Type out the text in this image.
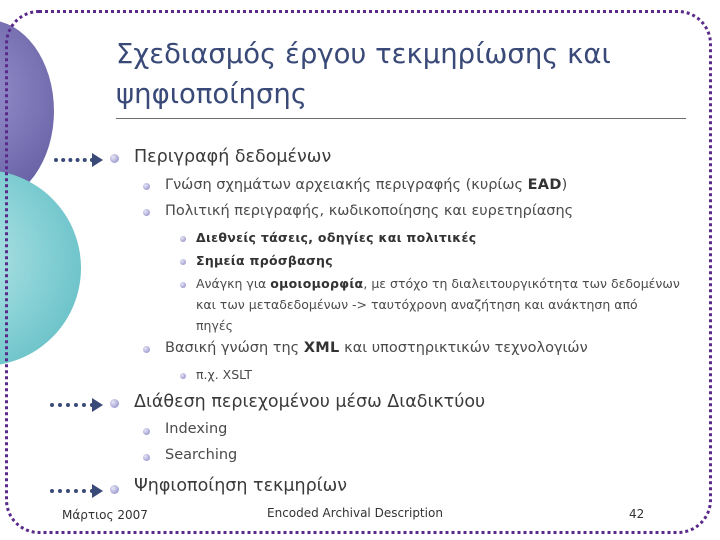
Σχεδιασμός έργου τεκμηρίωσης και
ψηφιοποίησης
Περιγραφή δεδομένων
Γνώση σχημάτων αρχειακής περιγραφής (κυρίως EAD)
Πολιτική περιγραφής, κωδικοποίησης και ευρετηρίασης
Διεθνείς τάσεις, οδηγίες και πολιτικές
Σημεία πρόσβασης
Ανάγκη για ομοιομορφία, με στόχο τη διαλειτουργικότητα των δεδομένων
και των μεταδεδομένων -> ταυτόχρονη αναζήτηση και ανάκτηση από
πηγές
Βασική γνώση της XML και υποστηρικτικών τεχνολογιών
π.χ. XSLT
Διάθεση περιεχομένου μέσω Διαδικτύου
Indexing
Searching
Ψηφιοποίηση τεκμηρίων
Μάρτιος 2007	Encoded Archival Description	42
